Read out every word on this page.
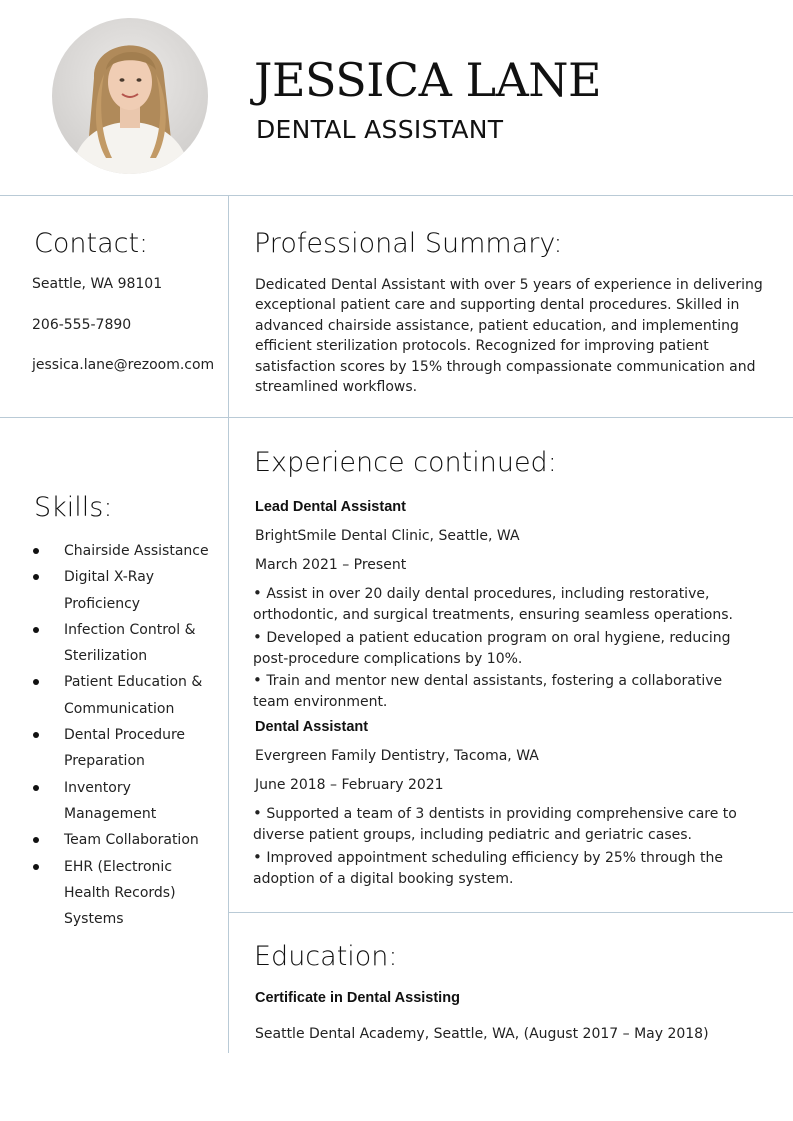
JESSICA LANE
DENTAL ASSISTANT
Contact:
Seattle, WA 98101
206-555-7890
jessica.lane@rezoom.com
Professional Summary:
Dedicated Dental Assistant with over 5 years of experience in delivering exceptional patient care and supporting dental procedures. Skilled in advanced chairside assistance, patient education, and implementing efficient sterilization protocols. Recognized for improving patient satisfaction scores by 15% through compassionate communication and streamlined workflows.
Skills:
Chairside Assistance
Digital X-Ray Proficiency
Infection Control & Sterilization
Patient Education & Communication
Dental Procedure Preparation
Inventory Management
Team Collaboration
EHR (Electronic Health Records) Systems
Experience continued:
Lead Dental Assistant
BrightSmile Dental Clinic, Seattle, WA
March 2021 – Present
• Assist in over 20 daily dental procedures, including restorative, orthodontic, and surgical treatments, ensuring seamless operations.
• Developed a patient education program on oral hygiene, reducing post-procedure complications by 10%.
• Train and mentor new dental assistants, fostering a collaborative team environment.
Dental Assistant
Evergreen Family Dentistry, Tacoma, WA
June 2018 – February 2021
• Supported a team of 3 dentists in providing comprehensive care to diverse patient groups, including pediatric and geriatric cases.
• Improved appointment scheduling efficiency by 25% through the adoption of a digital booking system.
Education:
Certificate in Dental Assisting
Seattle Dental Academy, Seattle, WA, (August 2017 – May 2018)
